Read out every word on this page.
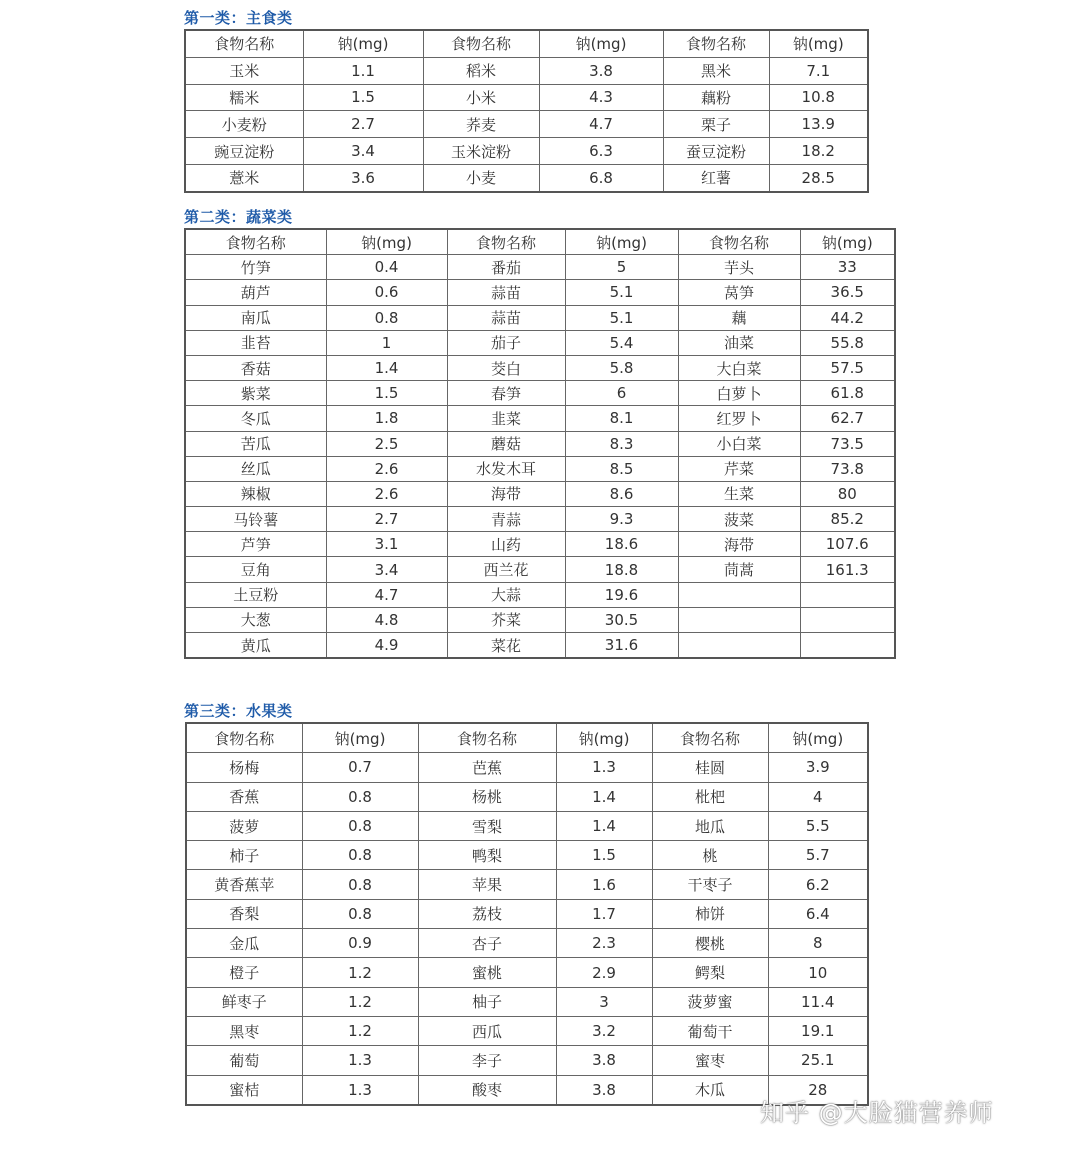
第一类：主食类
食物名称	钠(mg)	食物名称	钠(mg)	食物名称	钠(mg)
玉米	1.1	稻米	3.8	黑米	7.1
糯米	1.5	小米	4.3	藕粉	10.8
小麦粉	2.7	荞麦	4.7	栗子	13.9
豌豆淀粉	3.4	玉米淀粉	6.3	蚕豆淀粉	18.2
薏米	3.6	小麦	6.8	红薯	28.5
第二类：蔬菜类
食物名称	钠(mg)	食物名称	钠(mg)	食物名称	钠(mg)
竹笋	0.4	番茄	5	芋头	33
葫芦	0.6	蒜苗	5.1	莴笋	36.5
南瓜	0.8	蒜苗	5.1	藕	44.2
韭苔	1	茄子	5.4	油菜	55.8
香菇	1.4	茭白	5.8	大白菜	57.5
紫菜	1.5	春笋	6	白萝卜	61.8
冬瓜	1.8	韭菜	8.1	红罗卜	62.7
苦瓜	2.5	蘑菇	8.3	小白菜	73.5
丝瓜	2.6	水发木耳	8.5	芹菜	73.8
辣椒	2.6	海带	8.6	生菜	80
马铃薯	2.7	青蒜	9.3	菠菜	85.2
芦笋	3.1	山药	18.6	海带	107.6
豆角	3.4	西兰花	18.8	茼蒿	161.3
土豆粉	4.7	大蒜	19.6		
大葱	4.8	芥菜	30.5		
黄瓜	4.9	菜花	31.6		
第三类：水果类
食物名称	钠(mg)	食物名称	钠(mg)	食物名称	钠(mg)
杨梅	0.7	芭蕉	1.3	桂圆	3.9
香蕉	0.8	杨桃	1.4	枇杷	4
菠萝	0.8	雪梨	1.4	地瓜	5.5
柿子	0.8	鸭梨	1.5	桃	5.7
黄香蕉苹	0.8	苹果	1.6	干枣子	6.2
香梨	0.8	荔枝	1.7	柿饼	6.4
金瓜	0.9	杏子	2.3	樱桃	8
橙子	1.2	蜜桃	2.9	鳄梨	10
鲜枣子	1.2	柚子	3	菠萝蜜	11.4
黑枣	1.2	西瓜	3.2	葡萄干	19.1
葡萄	1.3	李子	3.8	蜜枣	25.1
蜜桔	1.3	酸枣	3.8	木瓜	28
知乎 @大脸猫营养师
